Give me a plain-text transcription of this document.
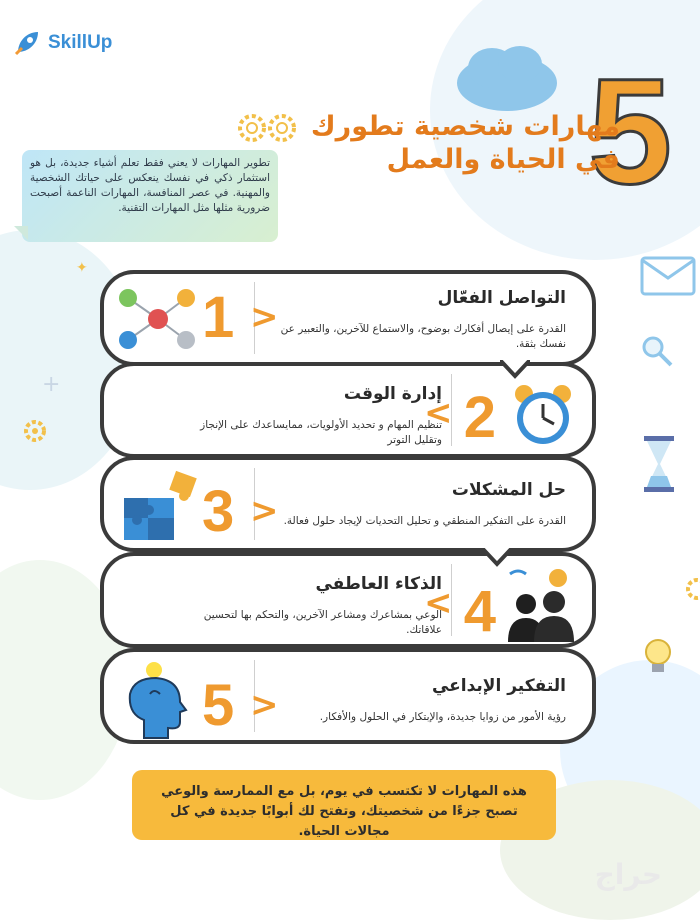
+
✦
SkillUp
5
مهارات شخصية تطورك
في الحياة والعمل
تطوير المهارات لا يعني فقط تعلم أشياء جديدة، بل هو استثمار ذكي في نفسك ينعكس على حياتك الشخصية والمهنية. في عصر المنافسة، المهارات الناعمة أصبحت ضرورية مثلها مثل المهارات التقنية.
التواصل الفعّال
القدرة على إيصال أفكارك بوضوح، والاستماع للآخرين، والتعبير عن نفسك بثقة.
1 >
إدارة الوقت
تنظيم المهام و تحديد الأولويات، ممايساعدك على الإنجاز وتقليل التوتر
> 2
حل المشكلات
القدرة على التفكير المنطقي و تحليل التحديات لإيجاد حلول فعالة.
3 >
الذكاء العاطفي
الوعي بمشاعرك ومشاعر الآخرين، والتحكم بها لتحسين علاقاتك.
> 4
التفكير الإبداعي
رؤية الأمور من زوايا جديدة، والإبتكار في الحلول والأفكار.
5 >
هذه المهارات لا تكتسب في يوم، بل مع الممارسة والوعي تصبح جزءًا من شخصيتك، وتفتح لك أبوابًا جديدة في كل مجالات الحياة.
حراج
